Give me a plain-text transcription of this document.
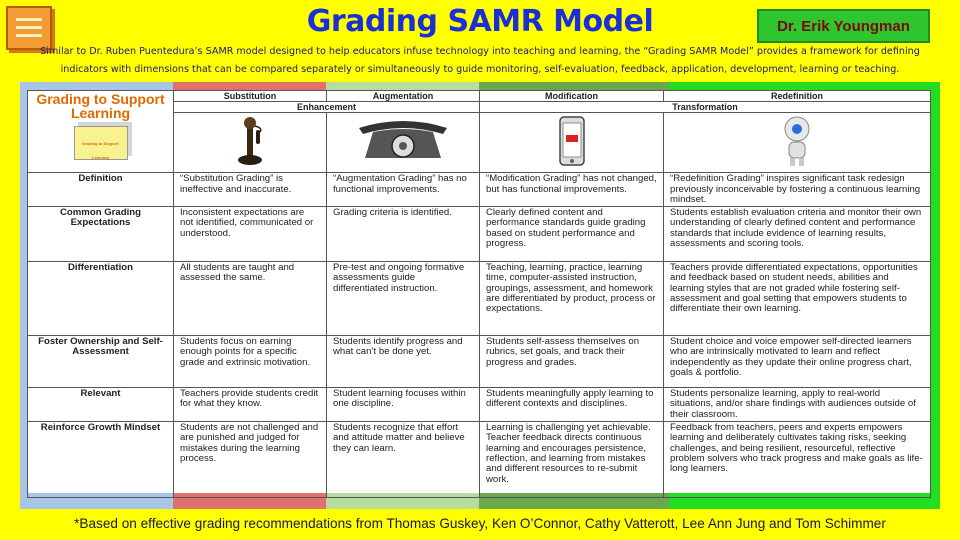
Grading SAMR Model	Dr. Erik Youngman
Similar to Dr. Ruben Puentedura’s SAMR model designed to help educators infuse technology into teaching and learning, the “Grading SAMR Model” provides a framework for defining indicators with dimensions that can be compared separately or simultaneously to guide monitoring, self-evaluation, feedback, application, development, learning or teaching.
Grading to Support Learning
Grading to Support Learning	Substitution	Augmentation	Modification	Redefinition
	Enhancement		Transformation	

Definition	“Substitution Grading” is ineffective and inaccurate.	“Augmentation Grading” has no functional improvements.	“Modification Grading” has not changed, but has functional improvements.	“Redefinition Grading” inspires significant task redesign previously inconceivable by fostering a continuous learning mindset.
Common Grading Expectations	Inconsistent expectations are not identified, communicated or understood.	Grading criteria is identified.	Clearly defined content and performance standards guide grading based on student performance and progress.	Students establish evaluation criteria and monitor their own understanding of clearly defined content and performance standards that include evidence of learning results, assessments and scoring tools.
Differentiation	All students are taught and assessed the same.	Pre-test and ongoing formative assessments guide differentiated instruction.	Teaching, learning, practice, learning time, computer-assisted instruction, groupings, assessment, and homework are differentiated by product, process or expectations.	Teachers provide differentiated expectations, opportunities and feedback based on student needs, abilities and learning styles that are not graded while fostering self-assessment and goal setting that empowers students to differentiate their own learning.
Foster Ownership and Self-Assessment	Students focus on earning enough points for a specific grade and extrinsic motivation.	Students identify progress and what can’t be done yet.	Students self-assess themselves on rubrics, set goals, and track their progress and grades.	Student choice and voice empower self-directed learners who are intrinsically motivated to learn and reflect independently as they update their online progress chart, goals & portfolio.
Relevant	Teachers provide students credit for what they know.	Student learning focuses within one discipline.	Students meaningfully apply learning to different contexts and disciplines.	Students personalize learning, apply to real-world situations, and/or share findings with audiences outside of their classroom.
Reinforce Growth Mindset	Students are not challenged and are punished and judged for mistakes during the learning process.	Students recognize that effort and attitude matter and believe they can learn.	Learning is challenging yet achievable. Teacher feedback directs continuous learning and encourages persistence, reflection, and learning from mistakes and different resources to re-submit work.	Feedback from teachers, peers and experts empowers learning and deliberately cultivates taking risks, seeking challenges, and being resilient, resourceful, reflective problem solvers who track progress and make goals as life-long learners.
*Based on effective grading recommendations from Thomas Guskey, Ken O’Connor, Cathy Vatterott, Lee Ann Jung and Tom Schimmer
